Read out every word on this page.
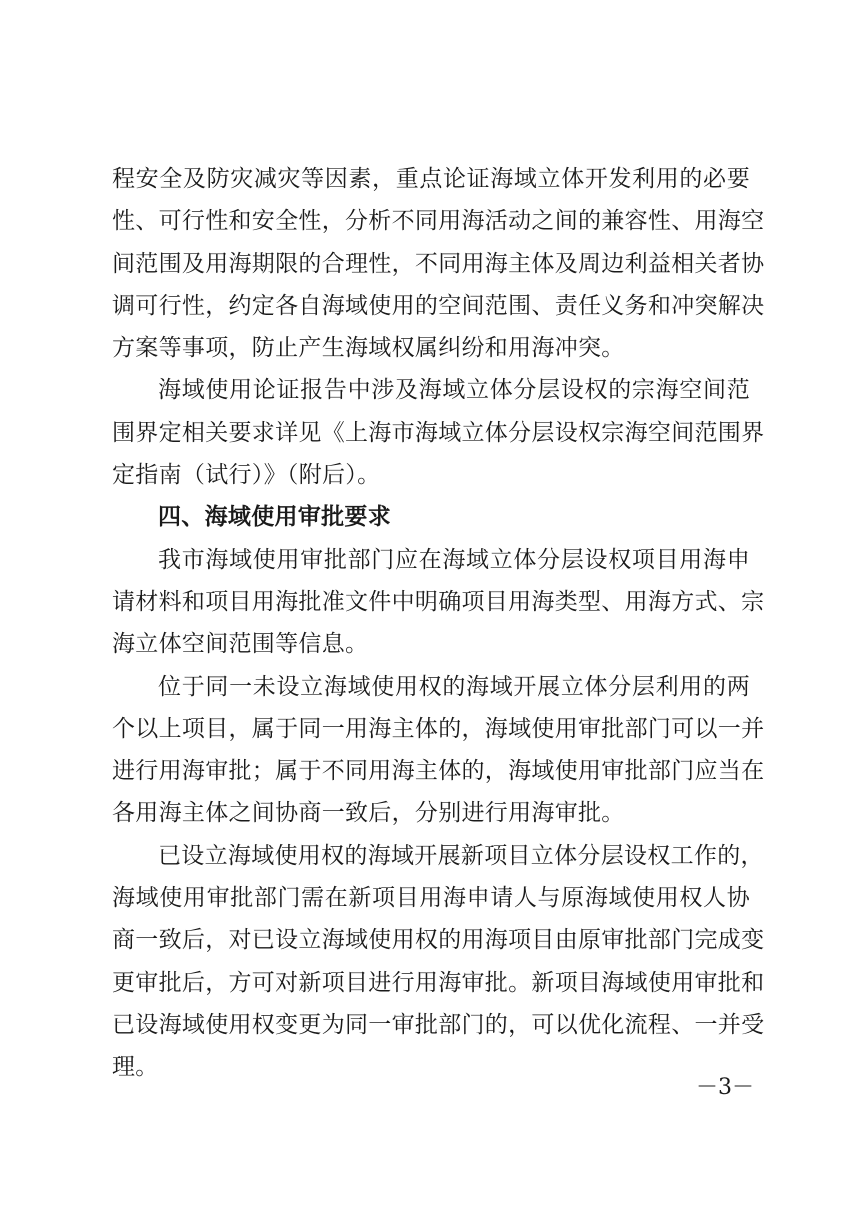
程安全及防灾减灾等因素，重点论证海域立体开发利用的必要
性、可行性和安全性，分析不同用海活动之间的兼容性、用海空
间范围及用海期限的合理性，不同用海主体及周边利益相关者协
调可行性，约定各自海域使用的空间范围、责任义务和冲突解决
方案等事项，防止产生海域权属纠纷和用海冲突。
海域使用论证报告中涉及海域立体分层设权的宗海空间范
围界定相关要求详见《上海市海域立体分层设权宗海空间范围界
定指南（试行）》（附后）。
四、海域使用审批要求
我市海域使用审批部门应在海域立体分层设权项目用海申
请材料和项目用海批准文件中明确项目用海类型、用海方式、宗
海立体空间范围等信息。
位于同一未设立海域使用权的海域开展立体分层利用的两
个以上项目，属于同一用海主体的，海域使用审批部门可以一并
进行用海审批；属于不同用海主体的，海域使用审批部门应当在
各用海主体之间协商一致后，分别进行用海审批。
已设立海域使用权的海域开展新项目立体分层设权工作的，
海域使用审批部门需在新项目用海申请人与原海域使用权人协
商一致后，对已设立海域使用权的用海项目由原审批部门完成变
更审批后，方可对新项目进行用海审批。新项目海域使用审批和
已设海域使用权变更为同一审批部门的，可以优化流程、一并受
理。
－3－
